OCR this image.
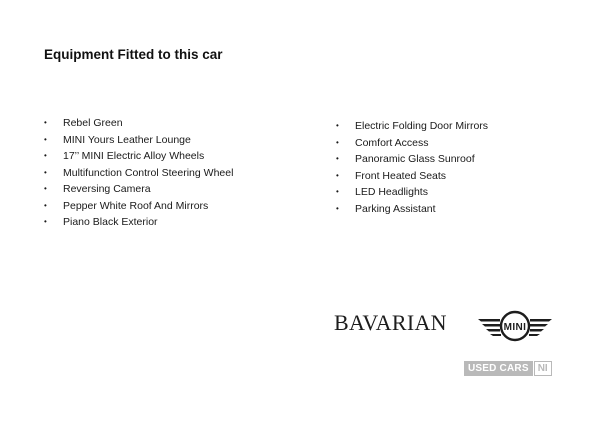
Equipment Fitted to this car
•	Rebel Green
•	MINI Yours Leather Lounge
•	17’’ MINI Electric Alloy Wheels
•	Multifunction Control Steering Wheel
•	Reversing Camera
•	Pepper White Roof And Mirrors
•	Piano Black Exterior
•	Electric Folding Door Mirrors
•	Comfort Access
•	Panoramic Glass Sunroof
•	Front Heated Seats
•	LED Headlights
•	Parking Assistant
BAVARIAN	MINI
USED CARS NI
